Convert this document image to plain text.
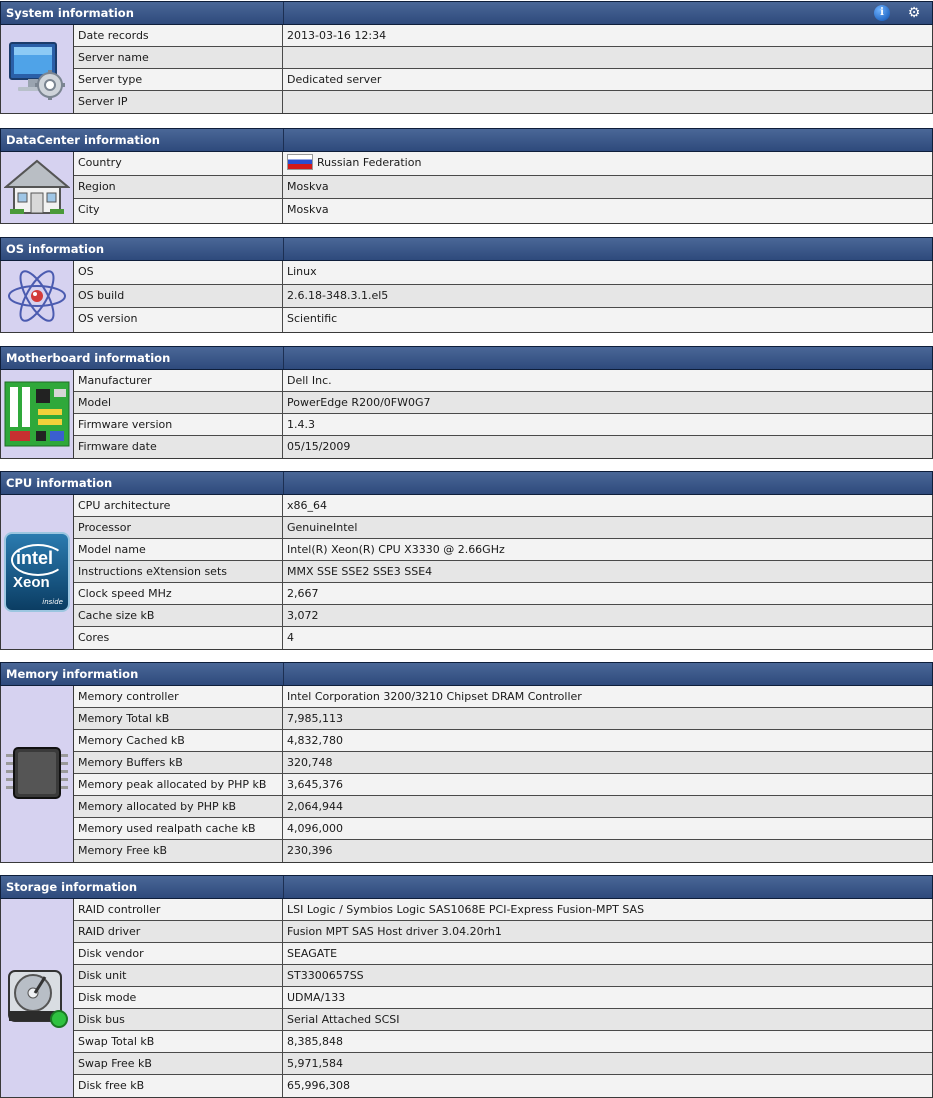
System information	i	⚙
Date records	2013-03-16 12:34
Server name
Server type	Dedicated server
Server IP
DataCenter information
Country	Russian Federation
Region	Moskva
City	Moskva
OS information
OS	Linux
OS build	2.6.18-348.3.1.el5
OS version	Scientific
Motherboard information
Manufacturer	Dell Inc.
Model	PowerEdge R200/0FW0G7
Firmware version	1.4.3
Firmware date	05/15/2009
CPU information
intel
Xeon
inside
CPU architecture	x86_64
Processor	GenuineIntel
Model name	Intel(R) Xeon(R) CPU X3330 @ 2.66GHz
Instructions eXtension sets	MMX SSE SSE2 SSE3 SSE4
Clock speed MHz	2,667
Cache size kB	3,072
Cores	4
Memory information
Memory controller	Intel Corporation 3200/3210 Chipset DRAM Controller
Memory Total kB	7,985,113
Memory Cached kB	4,832,780
Memory Buffers kB	320,748
Memory peak allocated by PHP kB	3,645,376
Memory allocated by PHP kB	2,064,944
Memory used realpath cache kB	4,096,000
Memory Free kB	230,396
Storage information
RAID controller	LSI Logic / Symbios Logic SAS1068E PCI-Express Fusion-MPT SAS
RAID driver	Fusion MPT SAS Host driver 3.04.20rh1
Disk vendor	SEAGATE
Disk unit	ST3300657SS
Disk mode	UDMA/133
Disk bus	Serial Attached SCSI
Swap Total kB	8,385,848
Swap Free kB	5,971,584
Disk free kB	65,996,308
